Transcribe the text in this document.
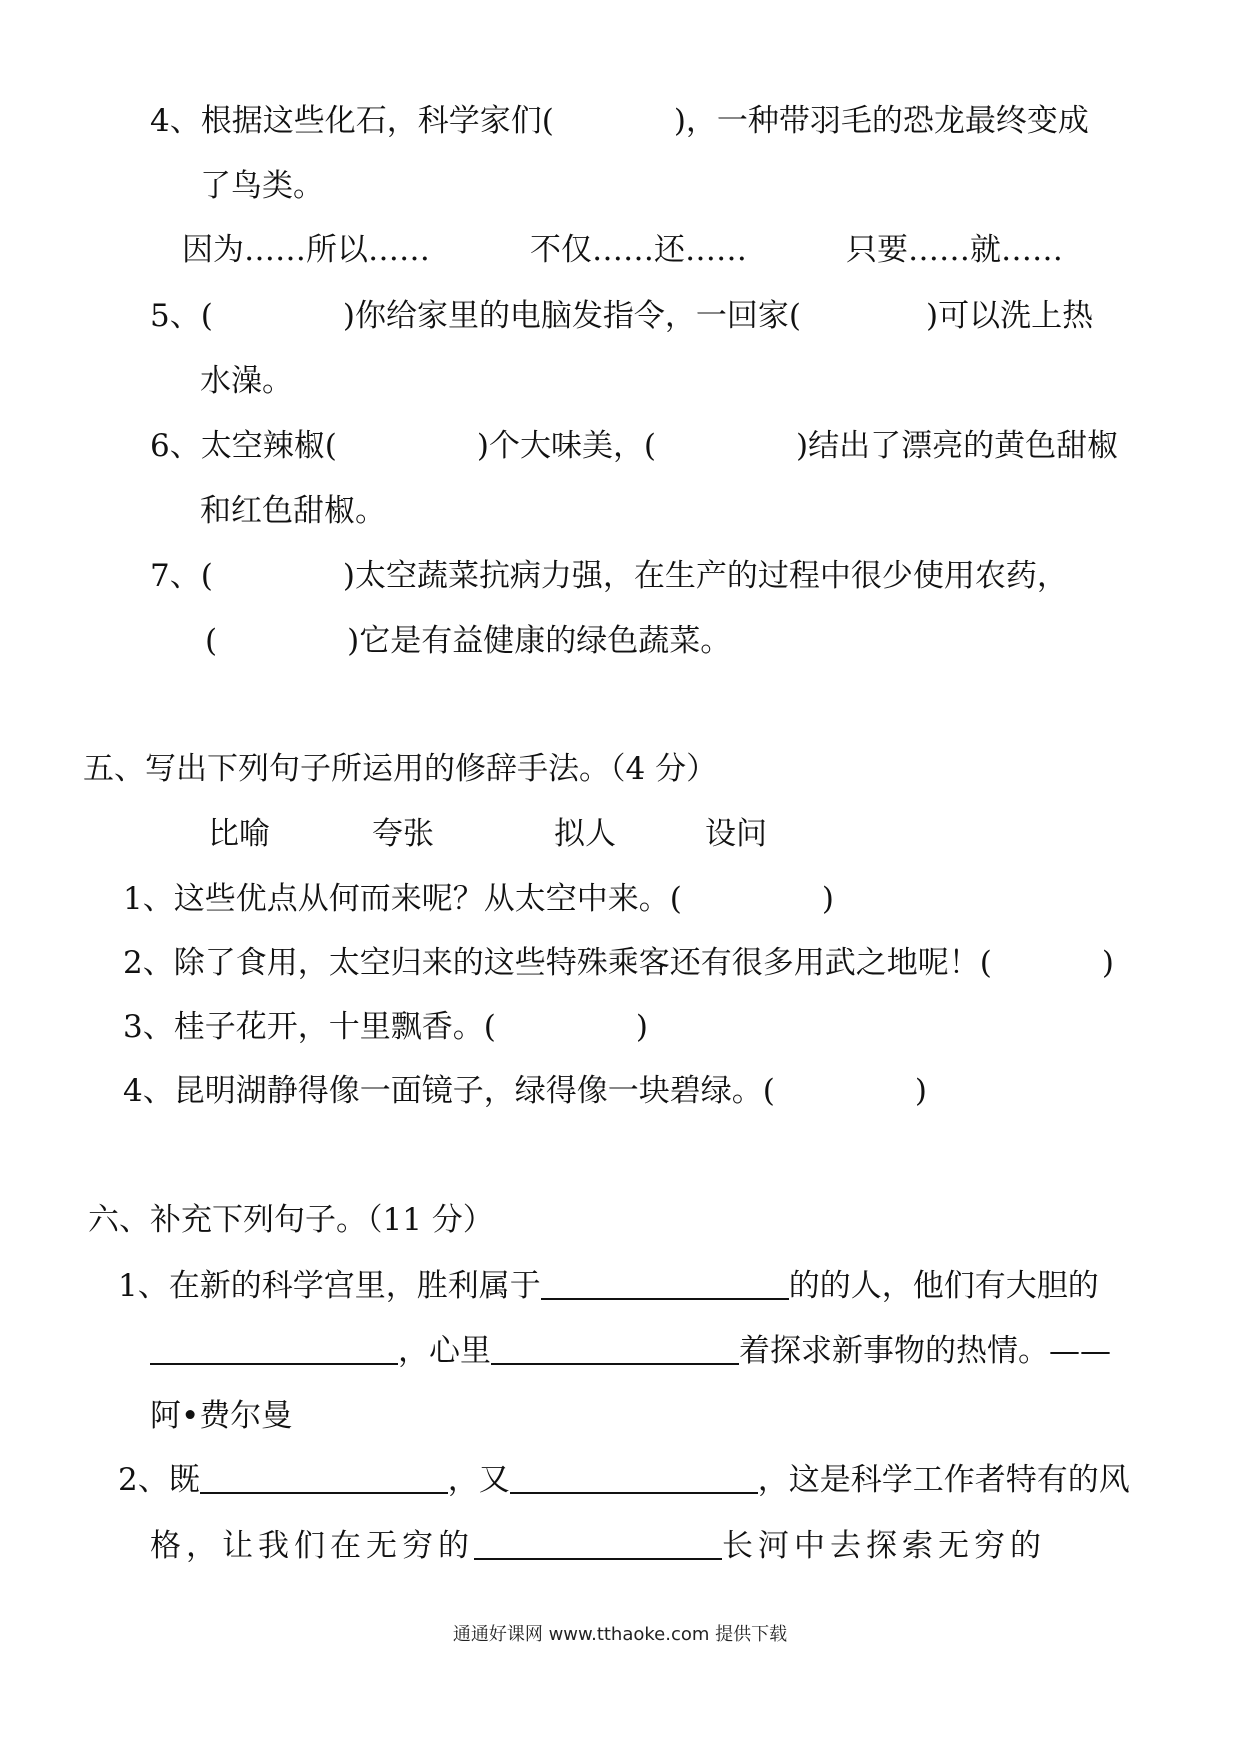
4、根据这些化石，科学家们(	)，一种带羽毛的恐龙最终变成
了鸟类。
因为……所以……	不仅……还……	只要……就……
5、(	)你给家里的电脑发指令，一回家(	)可以洗上热
水澡。
6、太空辣椒(	)个大味美，(	)结出了漂亮的黄色甜椒
和红色甜椒。
7、(	)太空蔬菜抗病力强，在生产的过程中很少使用农药，
(	)它是有益健康的绿色蔬菜。
五、写出下列句子所运用的修辞手法。（4 分）
比喻	夸张	拟人	设问
1、这些优点从何而来呢？从太空中来。(	)
2、除了食用，太空归来的这些特殊乘客还有很多用武之地呢！(	)
3、桂子花开，十里飘香。(	)
4、昆明湖静得像一面镜子，绿得像一块碧绿。(	)
六、补充下列句子。（11 分）
1、在新的科学宫里，胜利属于	的的人，他们有大胆的
，心里	着探求新事物的热情。——
阿•费尔曼
2、既	，又	，这是科学工作者特有的风
格，让我们在无穷的	长河中去探索无穷的
通通好课网 www.tthaoke.com 提供下载
